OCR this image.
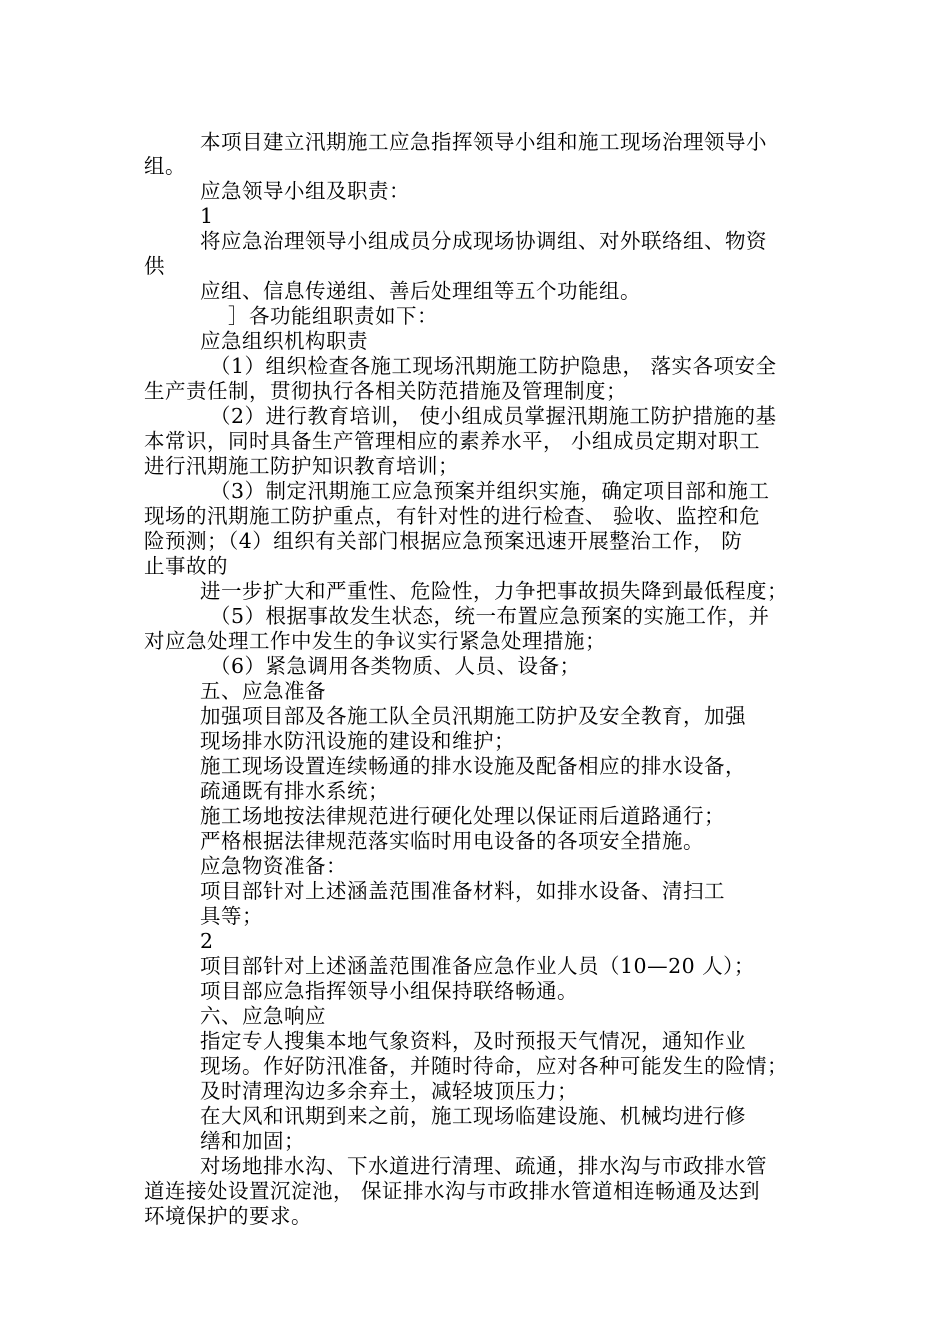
本项目建立汛期施工应急指挥领导小组和施工现场治理领导小

组。

应急领导小组及职责：

1

将应急治理领导小组成员分成现场协调组、对外联络组、物资

供

应组、信息传递组、善后处理组等五个功能组。

］各功能组职责如下：

应急组织机构职责

（1）组织检查各施工现场汛期施工防护隐患， 落实各项安全

生产责任制，贯彻执行各相关防范措施及管理制度；

（2）进行教育培训， 使小组成员掌握汛期施工防护措施的基

本常识，同时具备生产管理相应的素养水平， 小组成员定期对职工

进行汛期施工防护知识教育培训；

（3）制定汛期施工应急预案并组织实施，确定项目部和施工

现场的汛期施工防护重点，有针对性的进行检查、 验收、监控和危

险预测；（4）组织有关部门根据应急预案迅速开展整治工作， 防

止事故的

进一步扩大和严重性、危险性，力争把事故损失降到最低程度；

（5）根据事故发生状态，统一布置应急预案的实施工作，并

对应急处理工作中发生的争议实行紧急处理措施；

（6）紧急调用各类物质、人员、设备；

五、应急准备

加强项目部及各施工队全员汛期施工防护及安全教育，加强

现场排水防汛设施的建设和维护；

施工现场设置连续畅通的排水设施及配备相应的排水设备，

疏通既有排水系统；

施工场地按法律规范进行硬化处理以保证雨后道路通行；

严格根据法律规范落实临时用电设备的各项安全措施。

应急物资准备：

项目部针对上述涵盖范围准备材料，如排水设备、清扫工

具等；

2

项目部针对上述涵盖范围准备应急作业人员（10—20 人）；

项目部应急指挥领导小组保持联络畅通。

六、应急响应

指定专人搜集本地气象资料，及时预报天气情况，通知作业

现场。作好防汛准备，并随时待命，应对各种可能发生的险情；

及时清理沟边多余弃土，减轻坡顶压力；

在大风和讯期到来之前，施工现场临建设施、机械均进行修

缮和加固；

对场地排水沟、下水道进行清理、疏通，排水沟与市政排水管

道连接处设置沉淀池， 保证排水沟与市政排水管道相连畅通及达到

环境保护的要求。
